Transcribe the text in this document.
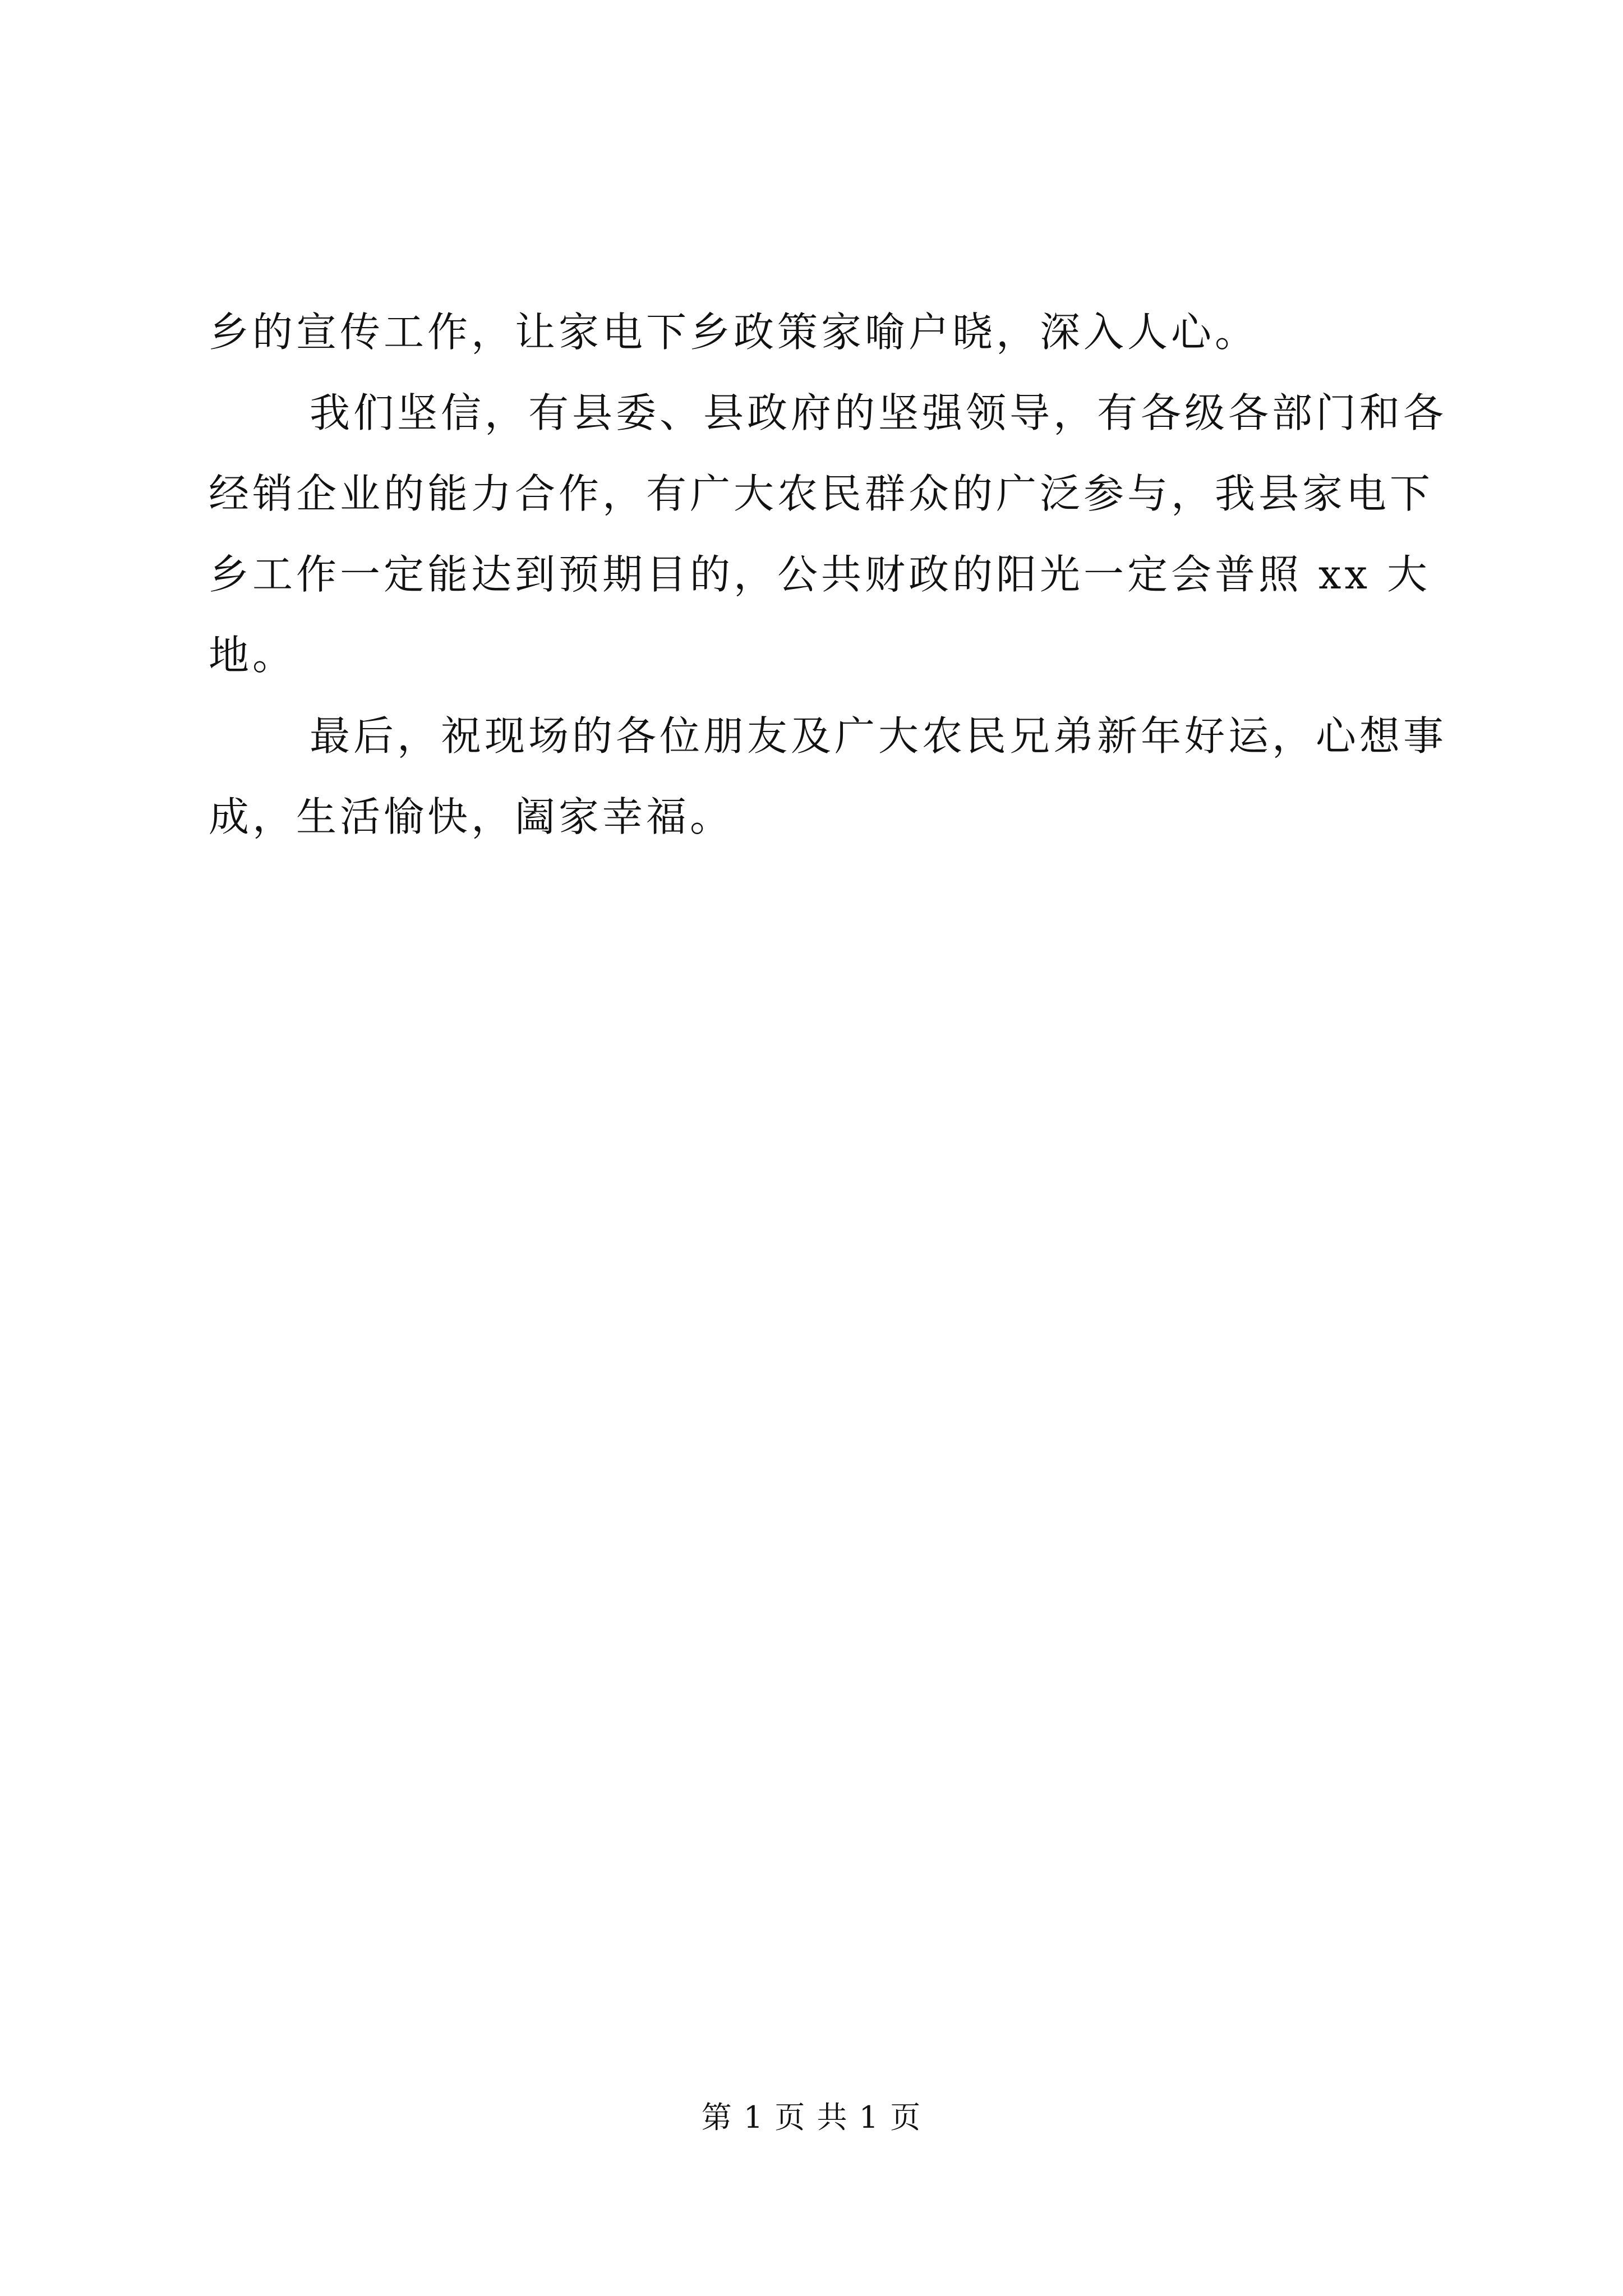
乡的宣传工作，让家电下乡政策家喻户晓，深入人心。
我们坚信，有县委、县政府的坚强领导，有各级各部门和各
经销企业的能力合作，有广大农民群众的广泛参与，我县家电下
乡工作一定能达到预期目的，公共财政的阳光一定会普照 xx 大
地。
最后，祝现场的各位朋友及广大农民兄弟新年好运，心想事
成，生活愉快，阖家幸福。
第 1 页 共 1 页
